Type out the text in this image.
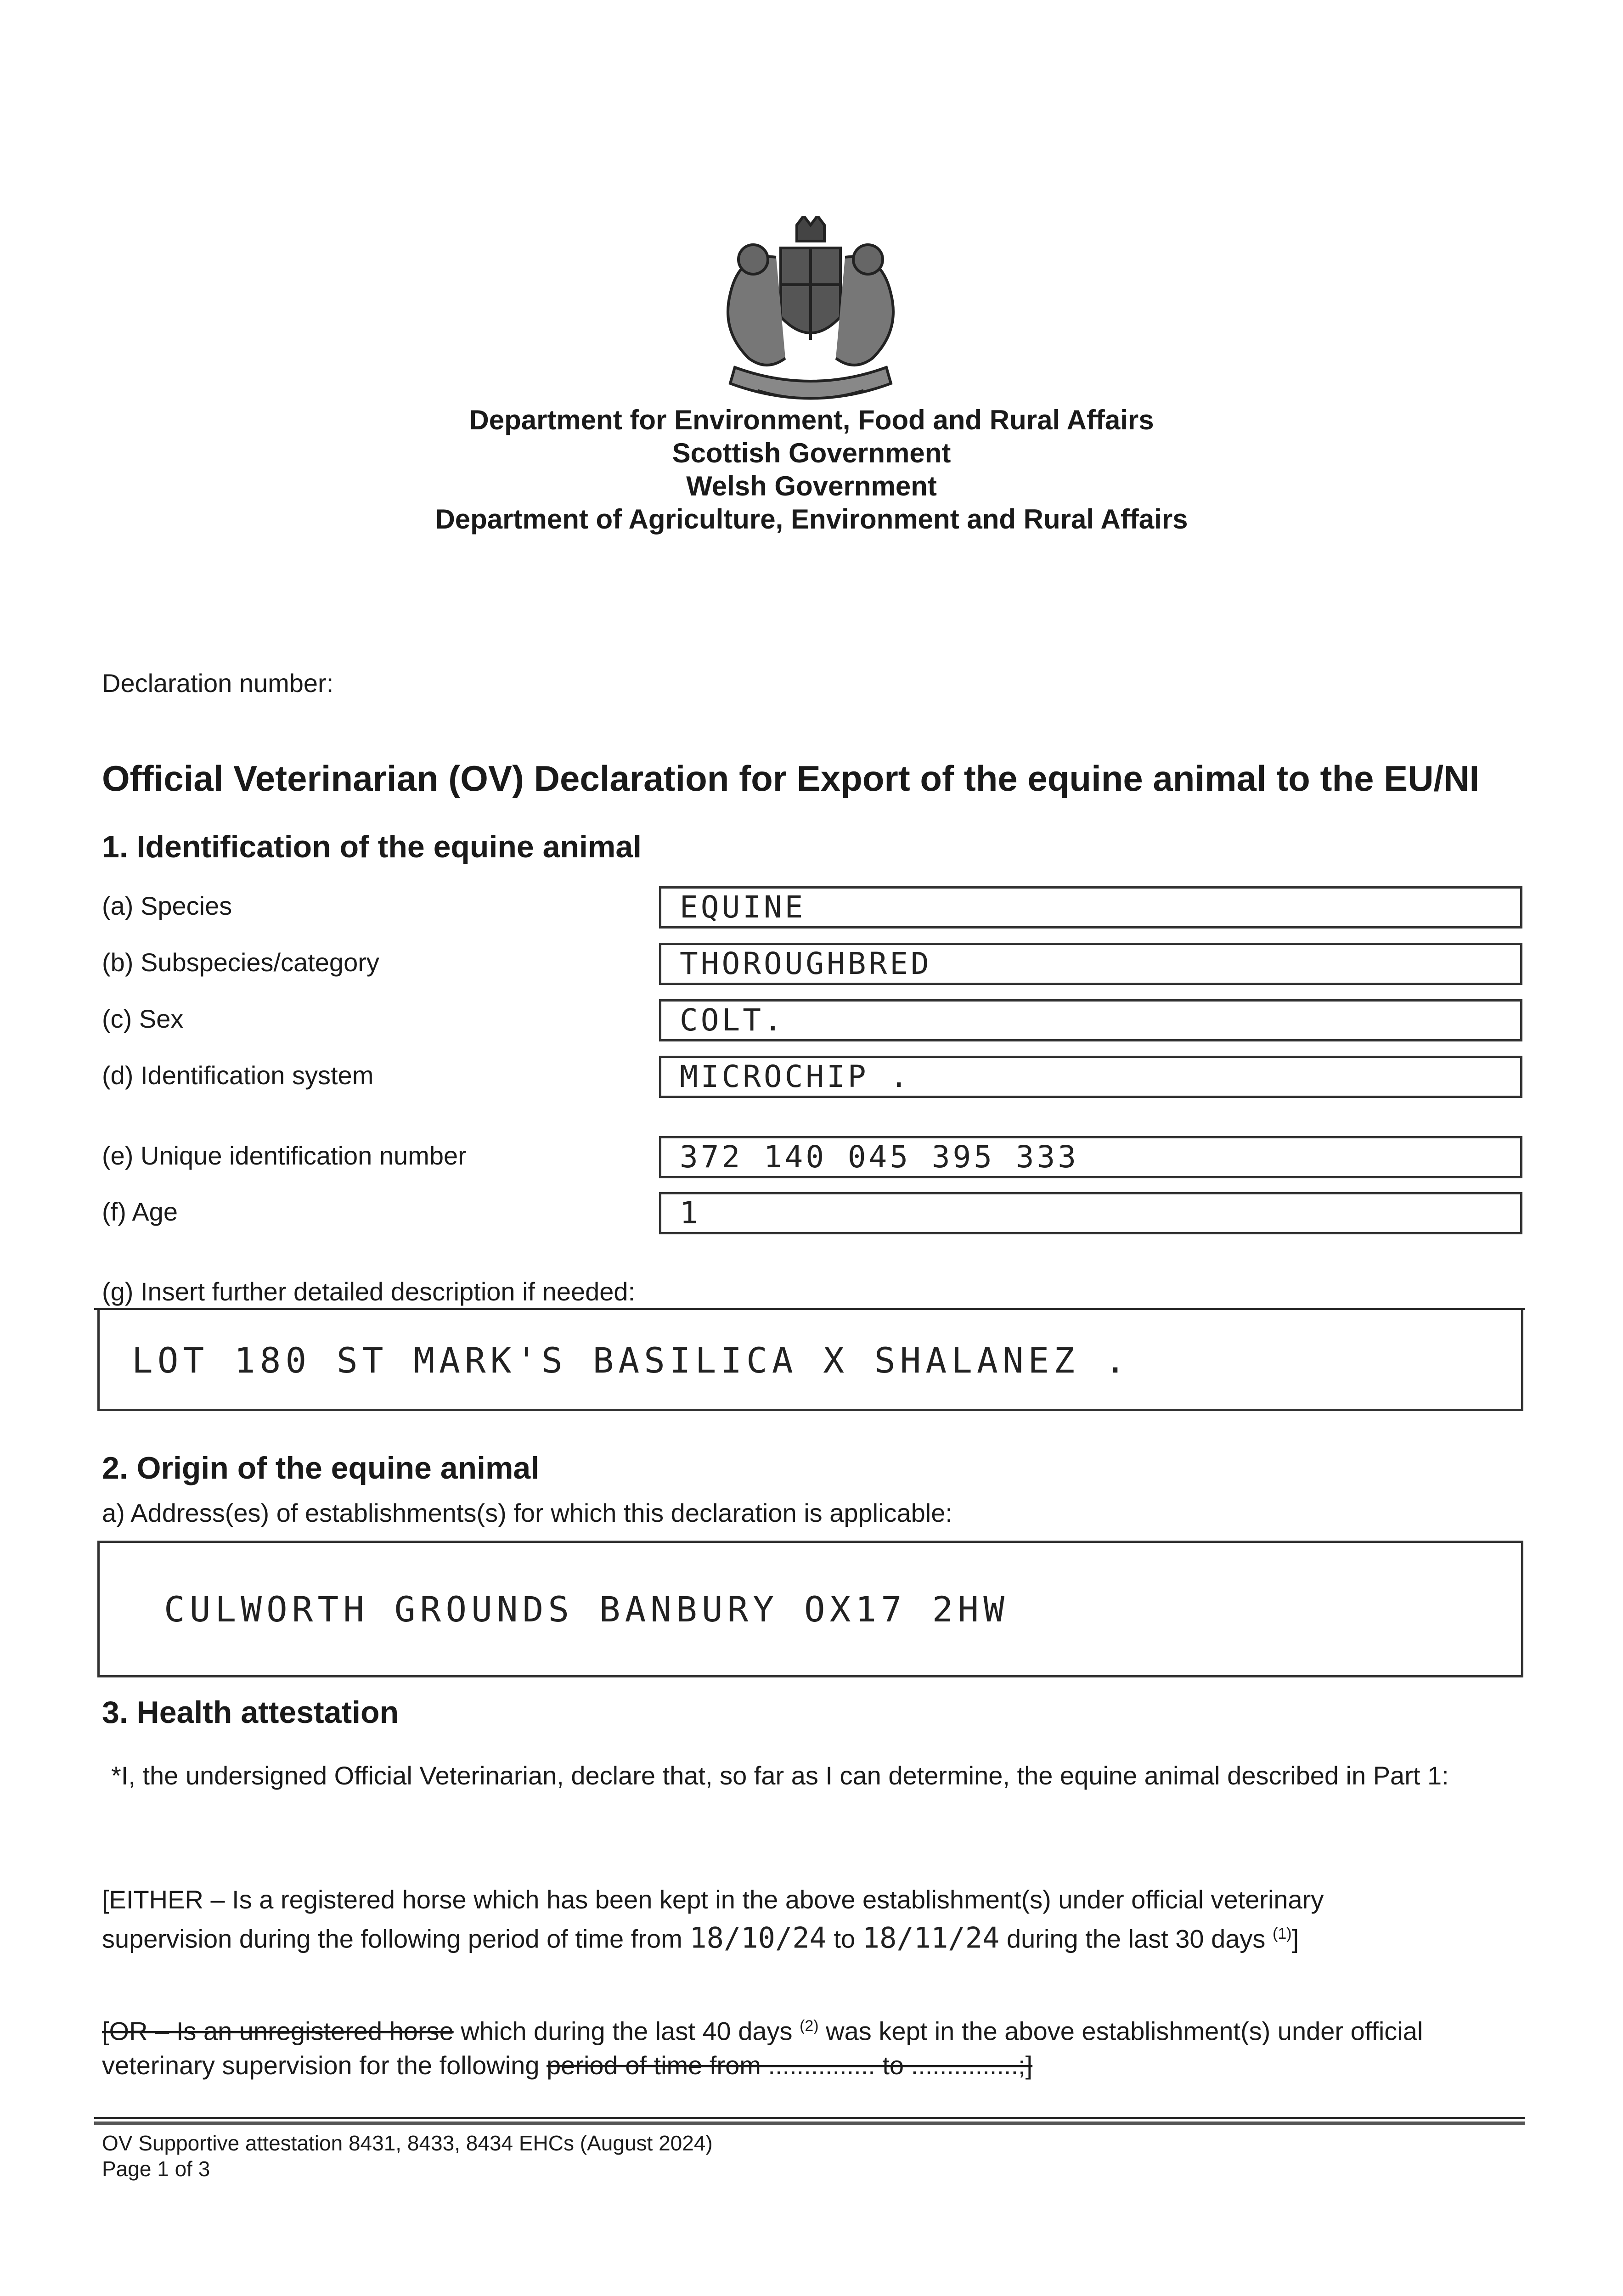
Department for Environment, Food and Rural Affairs
Scottish Government
Welsh Government
Department of Agriculture, Environment and Rural Affairs
Declaration number:
Official Veterinarian (OV) Declaration for Export of the equine animal to the EU/NI
1. Identification of the equine animal
(a) Species	EQUINE
(b) Subspecies/category	THOROUGHBRED
(c) Sex	COLT.
(d) Identification system	MICROCHIP .
(e) Unique identification number	372 140 045 395 333
(f) Age	1
(g) Insert further detailed description if needed:
LOT 180 ST MARK'S BASILICA X SHALANEZ .
2. Origin of the equine animal
a) Address(es) of establishments(s) for which this declaration is applicable:
CULWORTH GROUNDS BANBURY OX17 2HW
3. Health attestation
*I, the undersigned Official Veterinarian, declare that, so far as I can determine, the equine animal described in Part 1:
[EITHER – Is a registered horse which has been kept in the above establishment(s) under official veterinary
supervision during the following period of time from 18/10/24 to 18/11/24 during the last 30 days $^{(1)}$]
[OR – Is an unregistered horse which during the last 40 days $^{(2)}$ was kept in the above establishment(s) under official
veterinary supervision for the following period of time from ............... to ...............;]
OV Supportive attestation 8431, 8433, 8434 EHCs (August 2024)
Page 1 of 3
